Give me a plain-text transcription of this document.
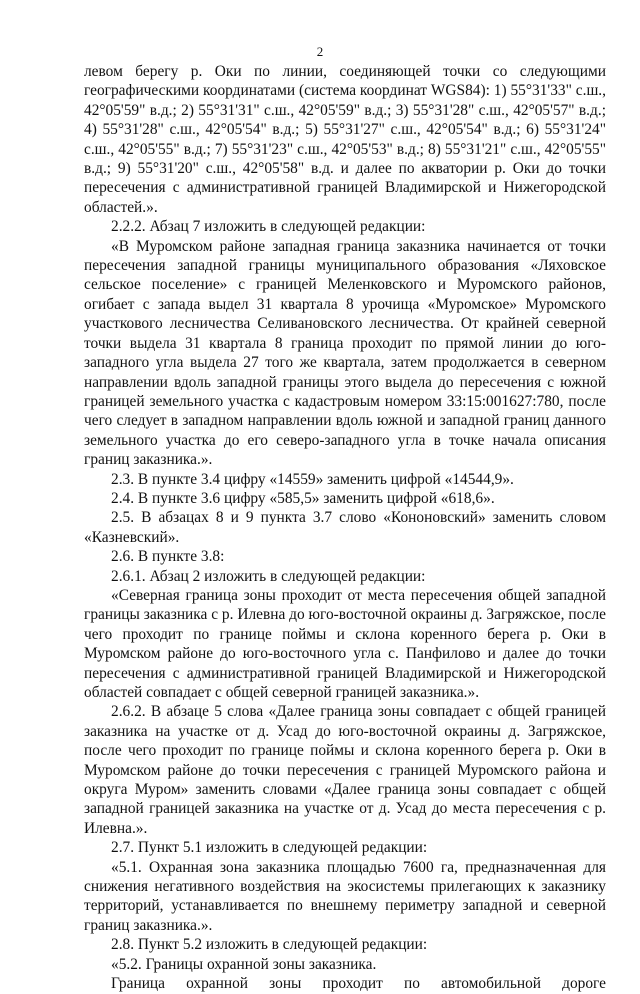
2

левом берегу р. Оки по линии, соединяющей точки со следующими географическими координатами (система координат WGS84): 1) 55°31'33" с.ш., 42°05'59" в.д.; 2) 55°31'31" с.ш., 42°05'59" в.д.; 3) 55°31'28" с.ш., 42°05'57" в.д.; 4) 55°31'28" с.ш., 42°05'54" в.д.; 5) 55°31'27" с.ш., 42°05'54" в.д.; 6) 55°31'24" с.ш., 42°05'55" в.д.; 7) 55°31'23" с.ш., 42°05'53" в.д.; 8) 55°31'21" с.ш., 42°05'55" в.д.; 9) 55°31'20" с.ш., 42°05'58" в.д. и далее по акватории р. Оки до точки пересечения с административной границей Владимирской и Нижегородской областей.».

2.2.2. Абзац 7 изложить в следующей редакции:

«В Муромском районе западная граница заказника начинается от точки пересечения западной границы муниципального образования «Ляховское сельское поселение» с границей Меленковского и Муромского районов, огибает с запада выдел 31 квартала 8 урочища «Муромское» Муромского участкового лесничества Селивановского лесничества. От крайней северной точки выдела 31 квартала 8 граница проходит по прямой линии до юго-западного угла выдела 27 того же квартала, затем продолжается в северном направлении вдоль западной границы этого выдела до пересечения с южной границей земельного участка с кадастровым номером 33:15:001627:780, после чего следует в западном направлении вдоль южной и западной границ данного земельного участка до его северо-западного угла в точке начала описания границ заказника.».

2.3. В пункте 3.4 цифру «14559» заменить цифрой «14544,9».

2.4. В пункте 3.6 цифру «585,5» заменить цифрой «618,6».

2.5. В абзацах 8 и 9 пункта 3.7 слово «Кононовский» заменить словом «Казневский».

2.6. В пункте 3.8:

2.6.1. Абзац 2 изложить в следующей редакции:

«Северная граница зоны проходит от места пересечения общей западной границы заказника с р. Илевна до юго-восточной окраины д. Загряжское, после чего проходит по границе поймы и склона коренного берега р. Оки в Муромском районе до юго-восточного угла с. Панфилово и далее до точки пересечения с административной границей Владимирской и Нижегородской областей совпадает с общей северной границей заказника.».

2.6.2. В абзаце 5 слова «Далее граница зоны совпадает с общей границей заказника на участке от д. Усад до юго-восточной окраины д. Загряжское, после чего проходит по границе поймы и склона коренного берега р. Оки в Муромском районе до точки пересечения с границей Муромского района и округа Муром» заменить словами «Далее граница зоны совпадает с общей западной границей заказника на участке от д. Усад до места пересечения с р. Илевна.».

2.7. Пункт 5.1 изложить в следующей редакции:

«5.1. Охранная зона заказника площадью 7600 га, предназначенная для снижения негативного воздействия на экосистемы прилегающих к заказнику территорий, устанавливается по внешнему периметру западной и северной границ заказника.».

2.8. Пункт 5.2 изложить в следующей редакции:

«5.2. Границы охранной зоны заказника.

Граница охранной зоны проходит по автомобильной дороге
